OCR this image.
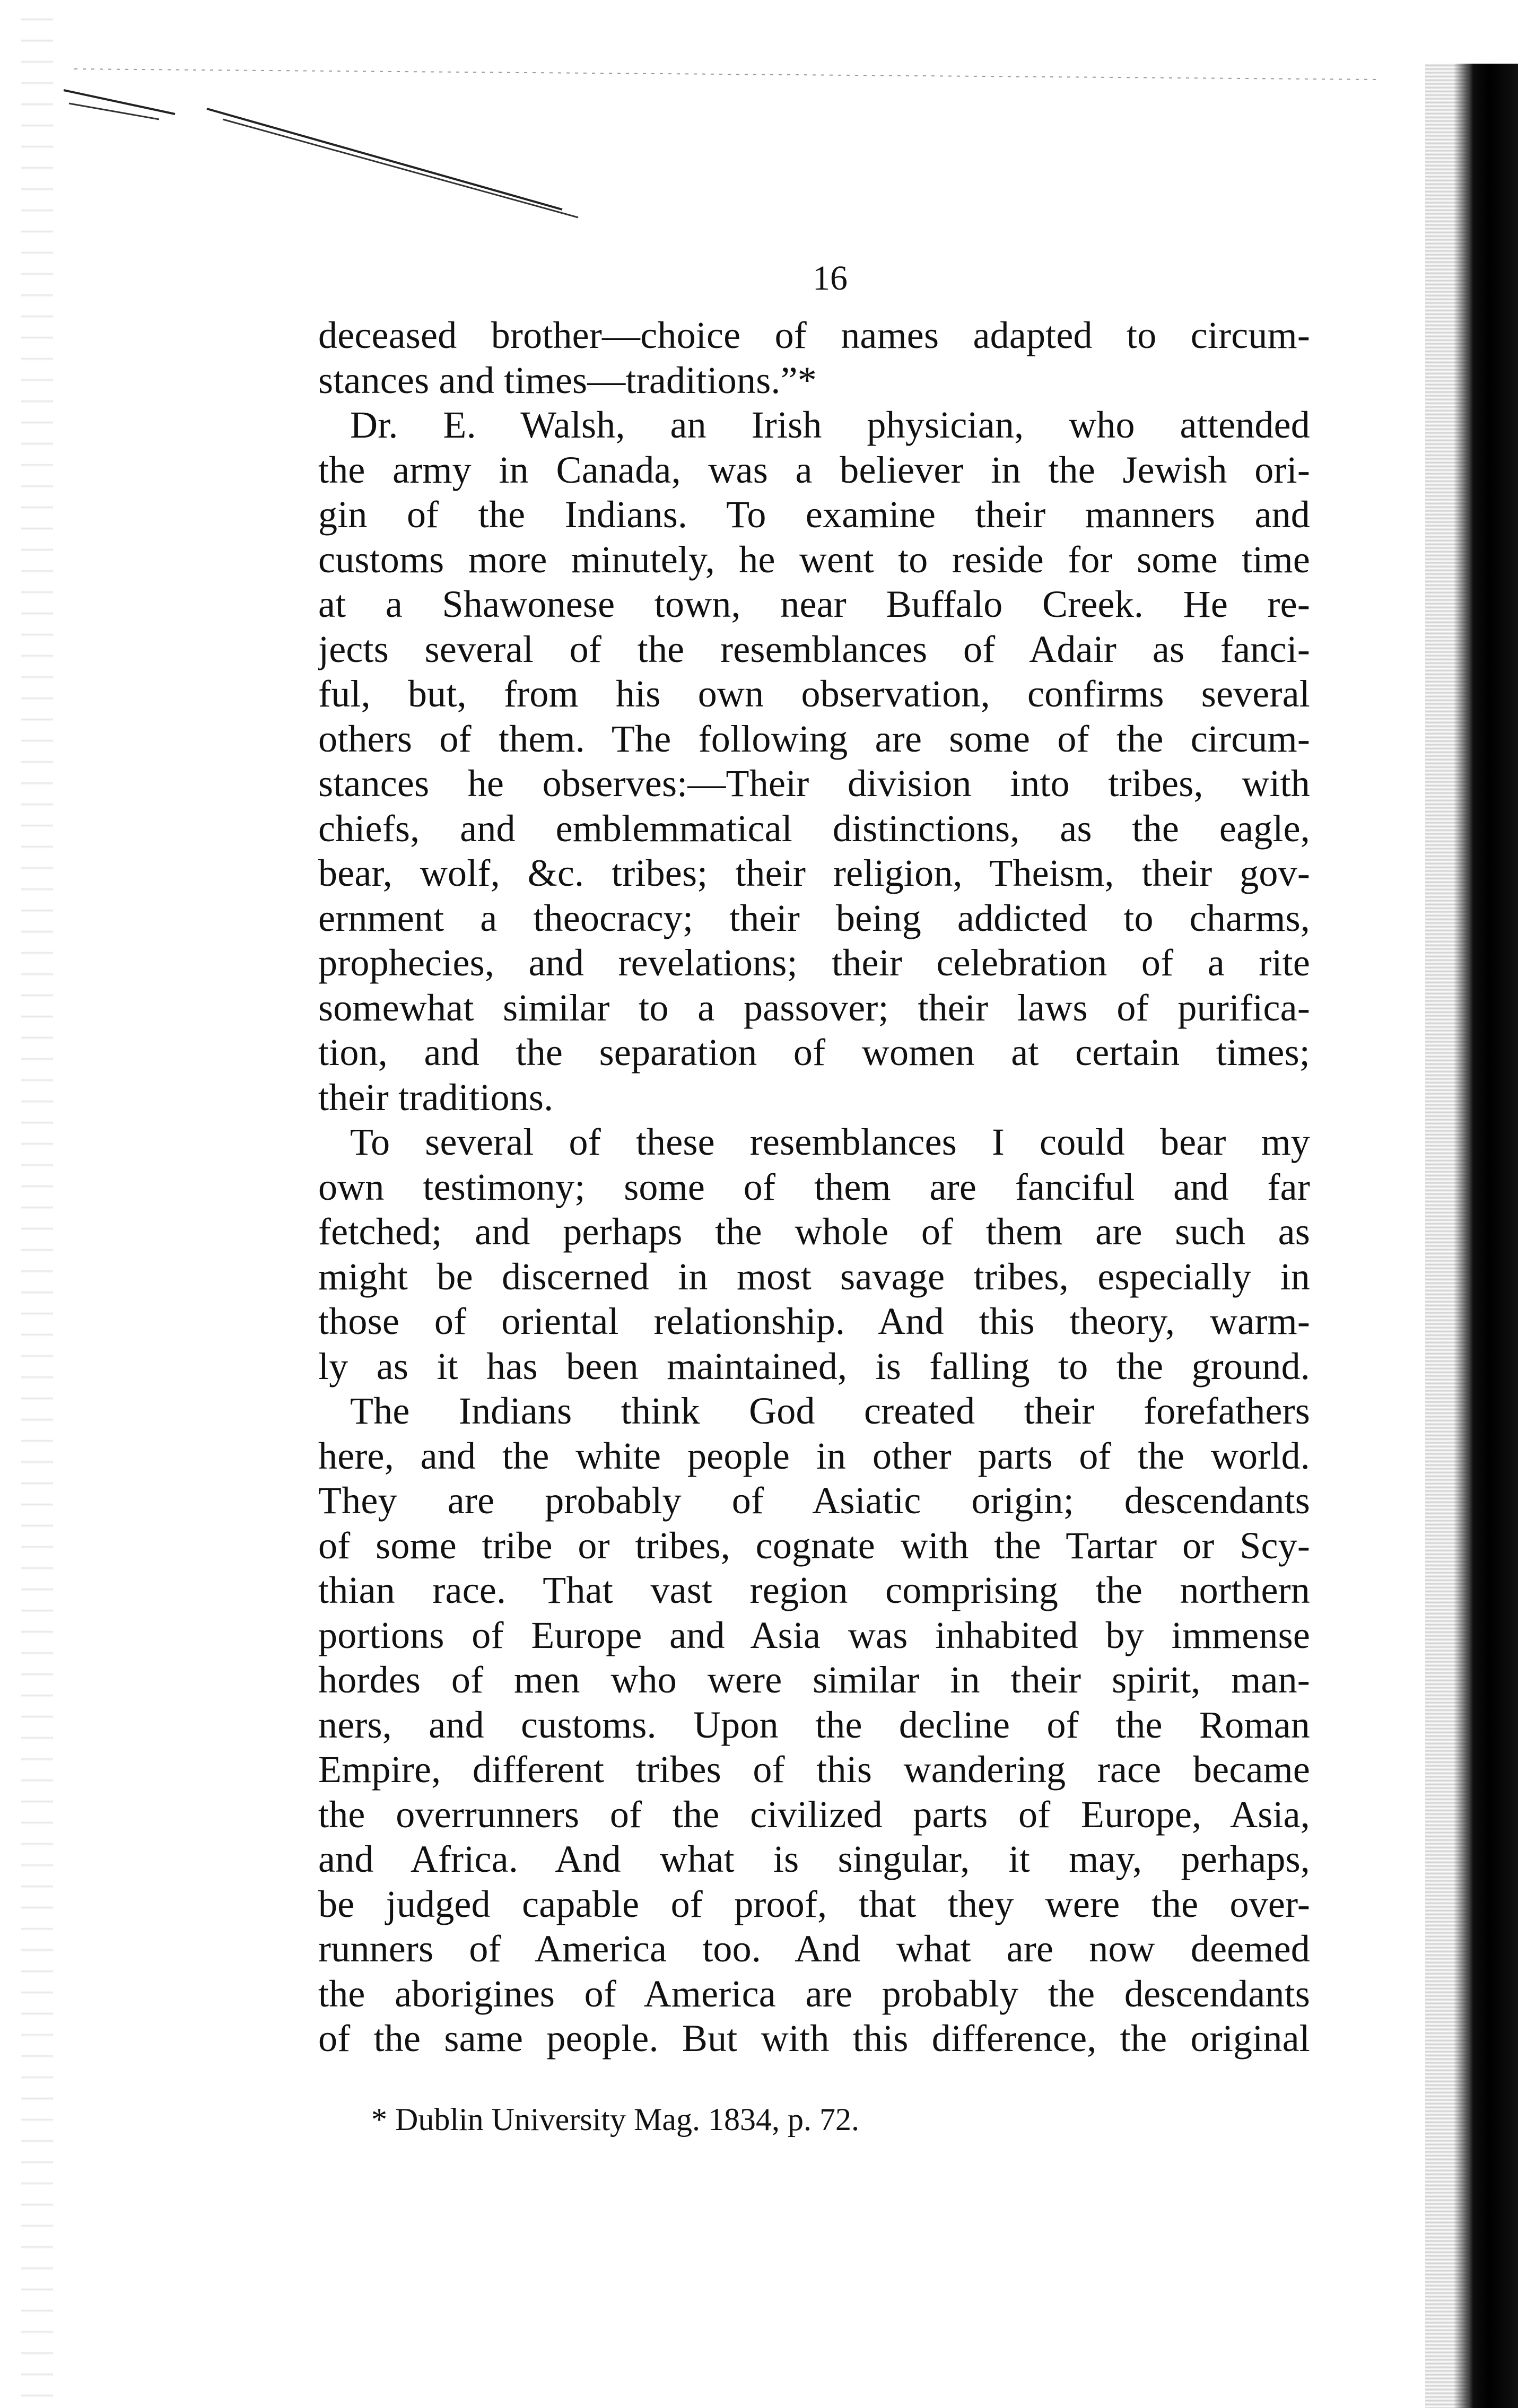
16
deceased brother—choice of names adapted to circum-
stances and times—traditions.”*
Dr. E. Walsh, an Irish physician, who attended
the army in Canada, was a believer in the Jewish ori-
gin of the Indians. To examine their manners and
customs more minutely, he went to reside for some time
at a Shawonese town, near Buffalo Creek. He re-
jects several of the resemblances of Adair as fanci-
ful, but, from his own observation, confirms several
others of them. The following are some of the circum-
stances he observes:—Their division into tribes, with
chiefs, and emblemmatical distinctions, as the eagle,
bear, wolf, &c. tribes; their religion, Theism, their gov-
ernment a theocracy; their being addicted to charms,
prophecies, and revelations; their celebration of a rite
somewhat similar to a passover; their laws of purifica-
tion, and the separation of women at certain times;
their traditions.
To several of these resemblances I could bear my
own testimony; some of them are fanciful and far
fetched; and perhaps the whole of them are such as
might be discerned in most savage tribes, especially in
those of oriental relationship. And this theory, warm-
ly as it has been maintained, is falling to the ground.
The Indians think God created their forefathers
here, and the white people in other parts of the world.
They are probably of Asiatic origin; descendants
of some tribe or tribes, cognate with the Tartar or Scy-
thian race. That vast region comprising the northern
portions of Europe and Asia was inhabited by immense
hordes of men who were similar in their spirit, man-
ners, and customs. Upon the decline of the Roman
Empire, different tribes of this wandering race became
the overrunners of the civilized parts of Europe, Asia,
and Africa. And what is singular, it may, perhaps,
be judged capable of proof, that they were the over-
runners of America too. And what are now deemed
the aborigines of America are probably the descendants
of the same people. But with this difference, the original
* Dublin University Mag. 1834, p. 72.
